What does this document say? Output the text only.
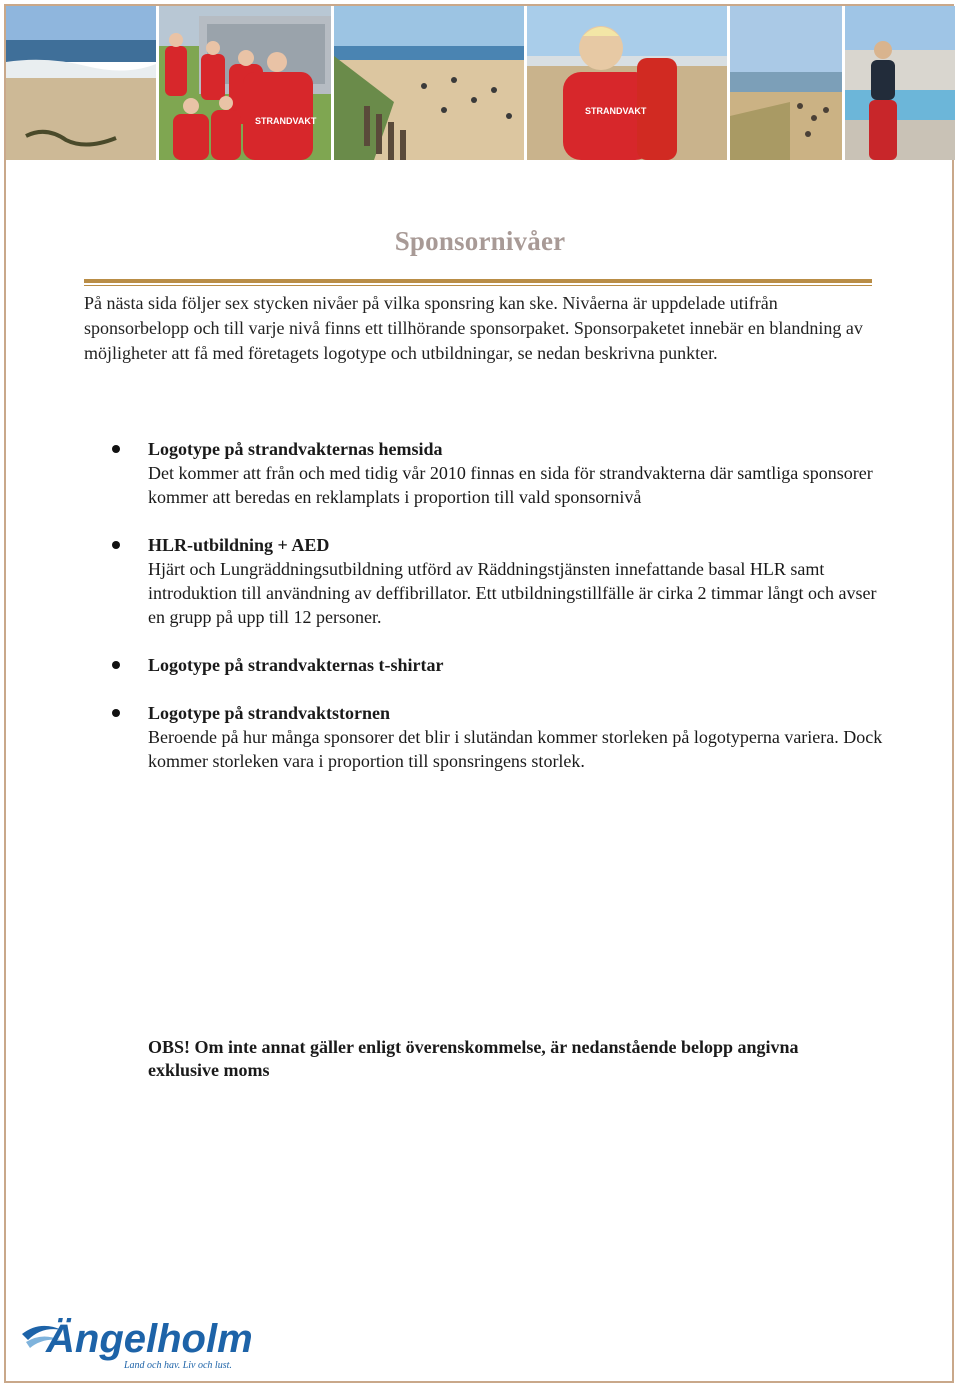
STRANDVAKT
STRANDVAKT
Sponsornivåer
På nästa sida följer sex stycken nivåer på vilka sponsring kan ske. Nivåerna är uppdelade utifrån sponsorbelopp och till varje nivå finns ett tillhörande sponsorpaket. Sponsorpaketet innebär en blandning av möjligheter att få med företagets logotype och utbildningar, se nedan beskrivna punkter.
Logotype på strandvakternas hemsida
Det kommer att från och med tidig vår 2010 finnas en sida för strandvakterna där samtliga sponsorer kommer att beredas en reklamplats i proportion till vald sponsornivå
HLR-utbildning + AED
Hjärt och Lungräddningsutbildning utförd av Räddningstjänsten innefattande basal HLR samt introduktion till användning av deffibrillator. Ett utbildningstillfälle är cirka 2 timmar långt och avser en grupp på upp till 12 personer.
Logotype på strandvakternas t-shirtar
Logotype på strandvaktstornen
Beroende på hur många sponsorer det blir i slutändan kommer storleken på logotyperna variera. Dock kommer storleken vara i proportion till sponsringens storlek.
OBS! Om inte annat gäller enligt överenskommelse, är nedanstående belopp angivna exklusive moms
Ängelholm
Land och hav. Liv och lust.
